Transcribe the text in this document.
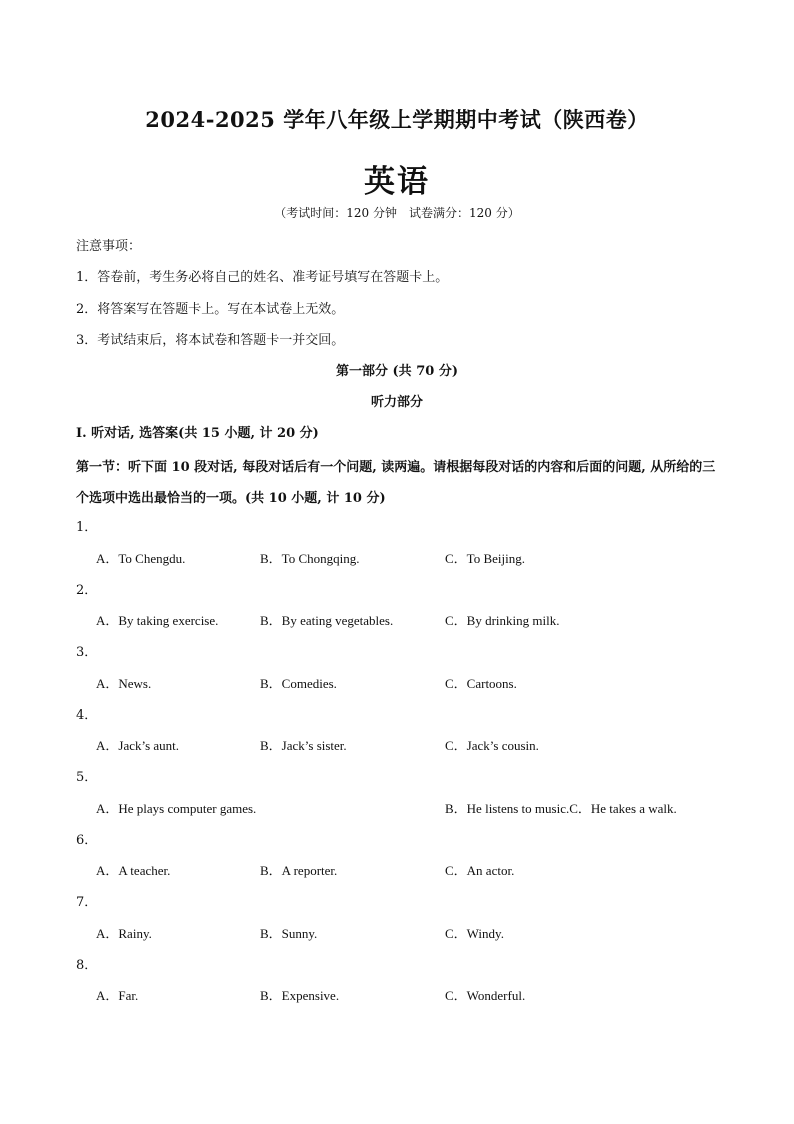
2024-2025 学年八年级上学期期中考试（陕西卷）
英语
（考试时间：120 分钟　试卷满分：120 分）
注意事项：
1．答卷前，考生务必将自己的姓名、准考证号填写在答题卡上。
2．将答案写在答题卡上。写在本试卷上无效。
3．考试结束后，将本试卷和答题卡一并交回。
第一部分 (共 70 分)
听力部分
I. 听对话, 选答案(共 15 小题, 计 20 分)
第一节：听下面 10 段对话, 每段对话后有一个问题, 读两遍。请根据每段对话的内容和后面的问题, 从所给的三个选项中选出最恰当的一项。(共 10 小题, 计 10 分)
1．
A．To Chengdu.	B．To Chongqing.	C．To Beijing.
2．
A．By taking exercise.	B．By eating vegetables.	C．By drinking milk.
3．
A．News.	B．Comedies.	C．Cartoons.
4．
A．Jack’s aunt.	B．Jack’s sister.	C．Jack’s cousin.
5．
A．He plays computer games.	B．He listens to music.C．He takes a walk.
6．
A．A teacher.	B．A reporter.	C．An actor.
7．
A．Rainy.	B．Sunny.	C．Windy.
8．
A．Far.	B．Expensive.	C．Wonderful.
